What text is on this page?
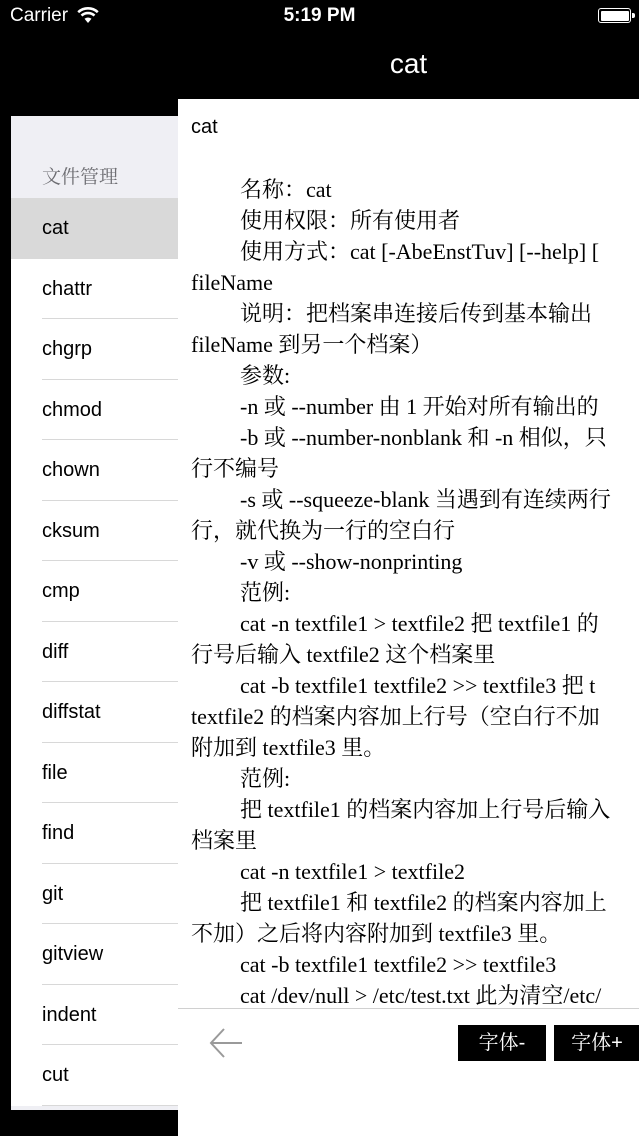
Carrier	5:19 PM
cat
文件管理
cat
chattr
chgrp
chmod
chown
cksum
cmp
diff
diffstat
file
find
git
gitview
indent
cut
cat
名称：cat
使用权限：所有使用者
使用方式：cat [-AbeEnstTuv] [--help] [
fileName
说明：把档案串连接后传到基本输出
fileName 到另一个档案）
参数:
-n 或 --number 由 1 开始对所有输出的
-b 或 --number-nonblank 和 -n 相似，只
行不编号
-s 或 --squeeze-blank 当遇到有连续两行
行，就代换为一行的空白行
-v 或 --show-nonprinting
范例:
cat -n textfile1 > textfile2 把 textfile1 的
行号后输入 textfile2 这个档案里
cat -b textfile1 textfile2 >> textfile3 把 t
textfile2 的档案内容加上行号（空白行不加
附加到 textfile3 里。
范例:
把 textfile1 的档案内容加上行号后输入
档案里
cat -n textfile1 > textfile2
把 textfile1 和 textfile2 的档案内容加上
不加）之后将内容附加到 textfile3 里。
cat -b textfile1 textfile2 >> textfile3
cat /dev/null > /etc/test.txt 此为清空/etc/
字体-	字体+
